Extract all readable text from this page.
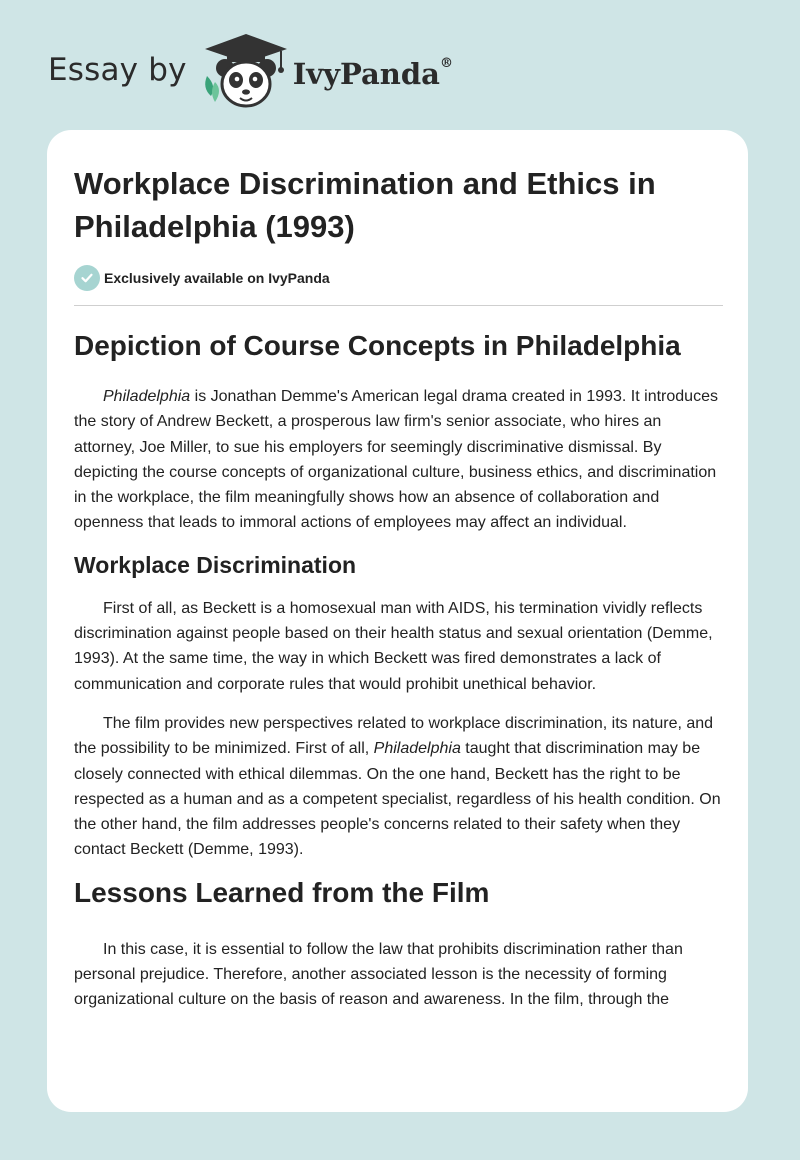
Essay by	IvyPanda®
Workplace Discrimination and Ethics in Philadelphia (1993)
Exclusively available on IvyPanda
Depiction of Course Concepts in Philadelphia

Philadelphia is Jonathan Demme's American legal drama created in 1993. It introduces the story of Andrew Beckett, a prosperous law firm's senior associate, who hires an attorney, Joe Miller, to sue his employers for seemingly discriminative dismissal. By depicting the course concepts of organizational culture, business ethics, and discrimination in the workplace, the film meaningfully shows how an absence of collaboration and openness that leads to immoral actions of employees may affect an individual.

Workplace Discrimination

First of all, as Beckett is a homosexual man with AIDS, his termination vividly reflects discrimination against people based on their health status and sexual orientation (Demme, 1993). At the same time, the way in which Beckett was fired demonstrates a lack of communication and corporate rules that would prohibit unethical behavior.

The film provides new perspectives related to workplace discrimination, its nature, and the possibility to be minimized. First of all, Philadelphia taught that discrimination may be closely connected with ethical dilemmas. On the one hand, Beckett has the right to be respected as a human and as a competent specialist, regardless of his health condition. On the other hand, the film addresses people's concerns related to their safety when they contact Beckett (Demme, 1993).

Lessons Learned from the Film

In this case, it is essential to follow the law that prohibits discrimination rather than personal prejudice. Therefore, another associated lesson is the necessity of forming organizational culture on the basis of reason and awareness. In the film, through the
